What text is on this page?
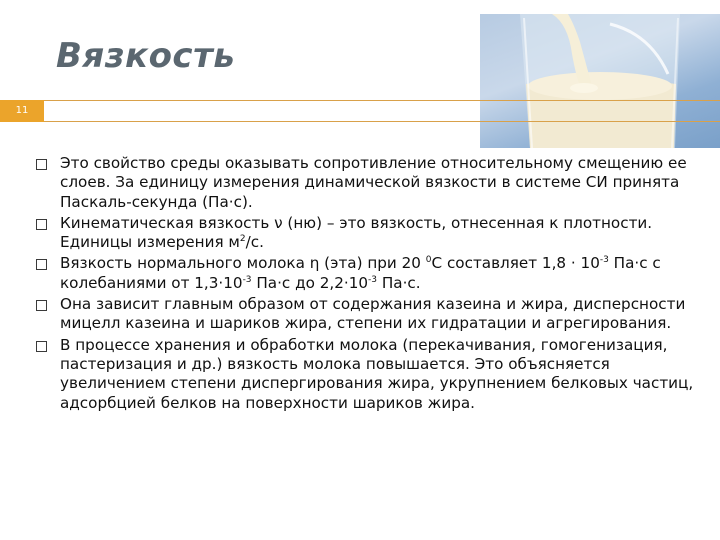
Вязкость
11
Это свойство среды оказывать сопротивление относительному смещению ее слоев. За единицу измерения динамической вязкости в системе СИ принята Паскаль-секунда (Па·с).
Кинематическая вязкость ν (ню) – это вязкость, отнесенная к плотности. Единицы измерения $м^2/с$.
Вязкость нормального молока η (эта) при 20 $^0$С составляет $1,8 \cdot 10^{-3}$ Па·с с колебаниями от $1,3\cdot 10^{-3}$ Па·с до $2,2\cdot 10^{-3}$ Па·с.
Она зависит главным образом от содержания казеина и жира, дисперсности мицелл казеина и шариков жира, степени их гидратации и агрегирования.
В процессе хранения и обработки молока (перекачивания, гомогенизация, пастеризация и др.) вязкость молока повышается. Это объясняется увеличением степени диспергирования жира, укрупнением белковых частиц, адсорбцией белков на поверхности шариков жира.
